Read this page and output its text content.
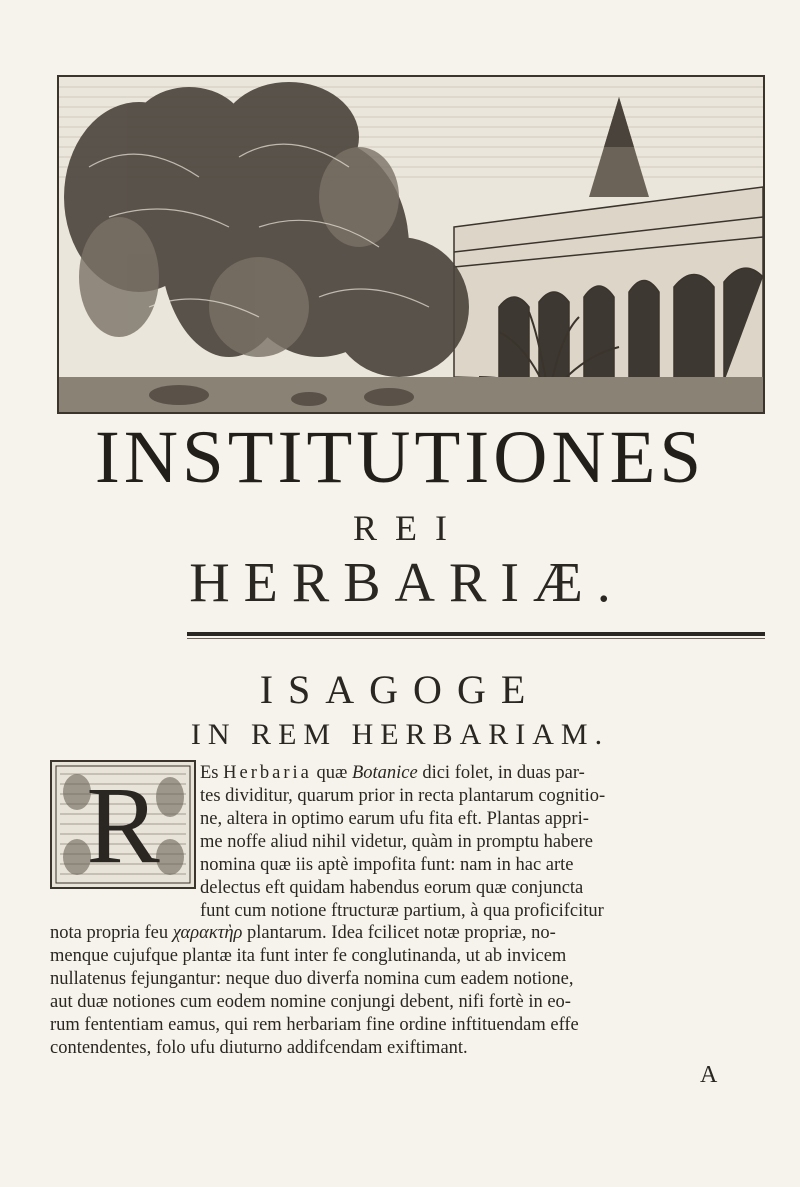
INSTITUTIONES
REI
HERBARIÆ.
ISAGOGE
IN REM HERBARIAM.
R	Es Herbaria quæ Botanice dici folet, in duas par-
tes dividitur, quarum prior in recta plantarum cognitio-
ne, altera in optimo earum ufu fita eft. Plantas appri-
me noffe aliud nihil videtur, quàm in promptu habere
nomina quæ iis aptè impofita funt: nam in hac arte
delectus eft quidam habendus eorum quæ conjuncta
funt cum notione ftructuræ partium, à qua proficifcitur
nota propria feu χαρακτὴρ plantarum. Idea fcilicet notæ propriæ, no-
menque cujufque plantæ ita funt inter fe conglutinanda, ut ab invicem
nullatenus fejungantur: neque duo diverfa nomina cum eadem notione,
aut duæ notiones cum eodem nomine conjungi debent, nifi fortè in eo-
rum fententiam eamus, qui rem herbariam fine ordine inftituendam effe
contendentes, folo ufu diuturno addifcendam exiftimant.
A
